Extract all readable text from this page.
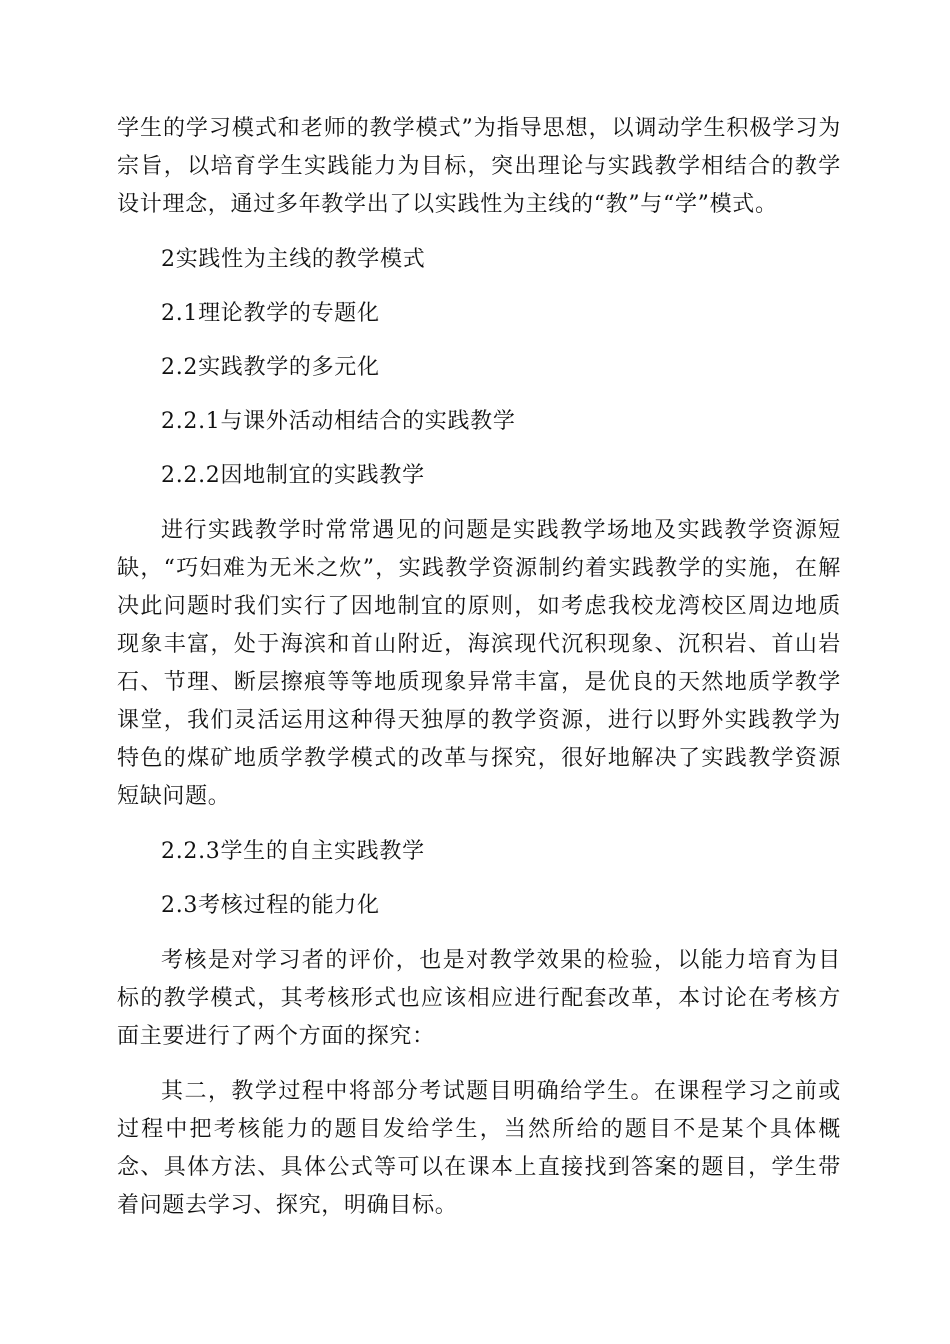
学生的学习模式和老师的教学模式”为指导思想，以调动学生积极学习为宗旨，以培育学生实践能力为目标，突出理论与实践教学相结合的教学设计理念，通过多年教学出了以实践性为主线的“教”与“学”模式。

2实践性为主线的教学模式

2.1理论教学的专题化

2.2实践教学的多元化

2.2.1与课外活动相结合的实践教学

2.2.2因地制宜的实践教学

进行实践教学时常常遇见的问题是实践教学场地及实践教学资源短缺，“巧妇难为无米之炊”，实践教学资源制约着实践教学的实施，在解决此问题时我们实行了因地制宜的原则，如考虑我校龙湾校区周边地质现象丰富，处于海滨和首山附近，海滨现代沉积现象、沉积岩、首山岩石、节理、断层擦痕等等地质现象异常丰富，是优良的天然地质学教学课堂，我们灵活运用这种得天独厚的教学资源，进行以野外实践教学为特色的煤矿地质学教学模式的改革与探究，很好地解决了实践教学资源短缺问题。

2.2.3学生的自主实践教学

2.3考核过程的能力化

考核是对学习者的评价，也是对教学效果的检验，以能力培育为目标的教学模式，其考核形式也应该相应进行配套改革，本讨论在考核方面主要进行了两个方面的探究：

其二，教学过程中将部分考试题目明确给学生。在课程学习之前或过程中把考核能力的题目发给学生，当然所给的题目不是某个具体概念、具体方法、具体公式等可以在课本上直接找到答案的题目，学生带着问题去学习、探究，明确目标。
